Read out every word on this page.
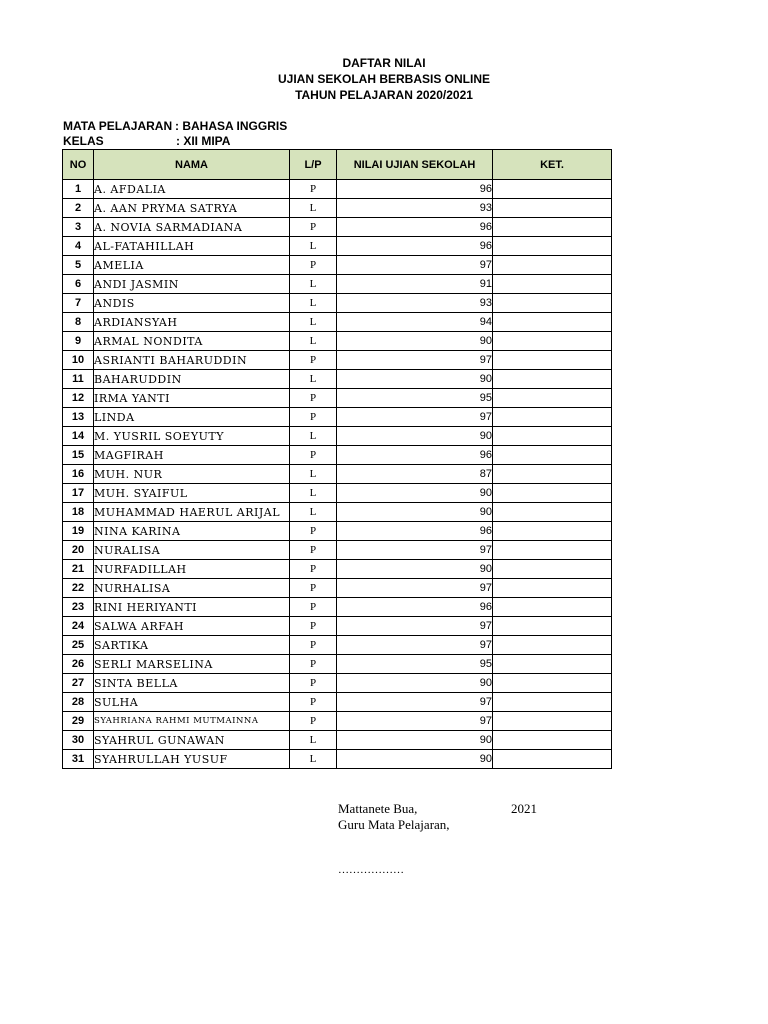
DAFTAR NILAI
UJIAN SEKOLAH BERBASIS ONLINE
TAHUN PELAJARAN 2020/2021
MATA PELAJARAN : BAHASA INGGRIS
KELAS	: XII MIPA
NO	NAMA	L/P	NILAI UJIAN SEKOLAH	KET.
1	A. AFDALIA	P	96	
2	A. AAN PRYMA SATRYA	L	93	
3	A. NOVIA SARMADIANA	P	96	
4	AL-FATAHILLAH	L	96	
5	AMELIA	P	97	
6	ANDI JASMIN	L	91	
7	ANDIS	L	93	
8	ARDIANSYAH	L	94	
9	ARMAL NONDITA	L	90	
10	ASRIANTI BAHARUDDIN	P	97	
11	BAHARUDDIN	L	90	
12	IRMA YANTI	P	95	
13	LINDA	P	97	
14	M. YUSRIL SOEYUTY	L	90	
15	MAGFIRAH	P	96	
16	MUH. NUR	L	87	
17	MUH. SYAIFUL	L	90	
18	MUHAMMAD HAERUL ARIJAL	L	90	
19	NINA KARINA	P	96	
20	NURALISA	P	97	
21	NURFADILLAH	P	90	
22	NURHALISA	P	97	
23	RINI HERIYANTI	P	96	
24	SALWA ARFAH	P	97	
25	SARTIKA	P	97	
26	SERLI MARSELINA	P	95	
27	SINTA BELLA	P	90	
28	SULHA	P	97	
29	SYAHRIANA RAHMI MUTMAINNA	P	97	
30	SYAHRUL GUNAWAN	L	90	
31	SYAHRULLAH YUSUF	L	90	
Mattanete Bua,	2021
Guru Mata Pelajaran,
………………
